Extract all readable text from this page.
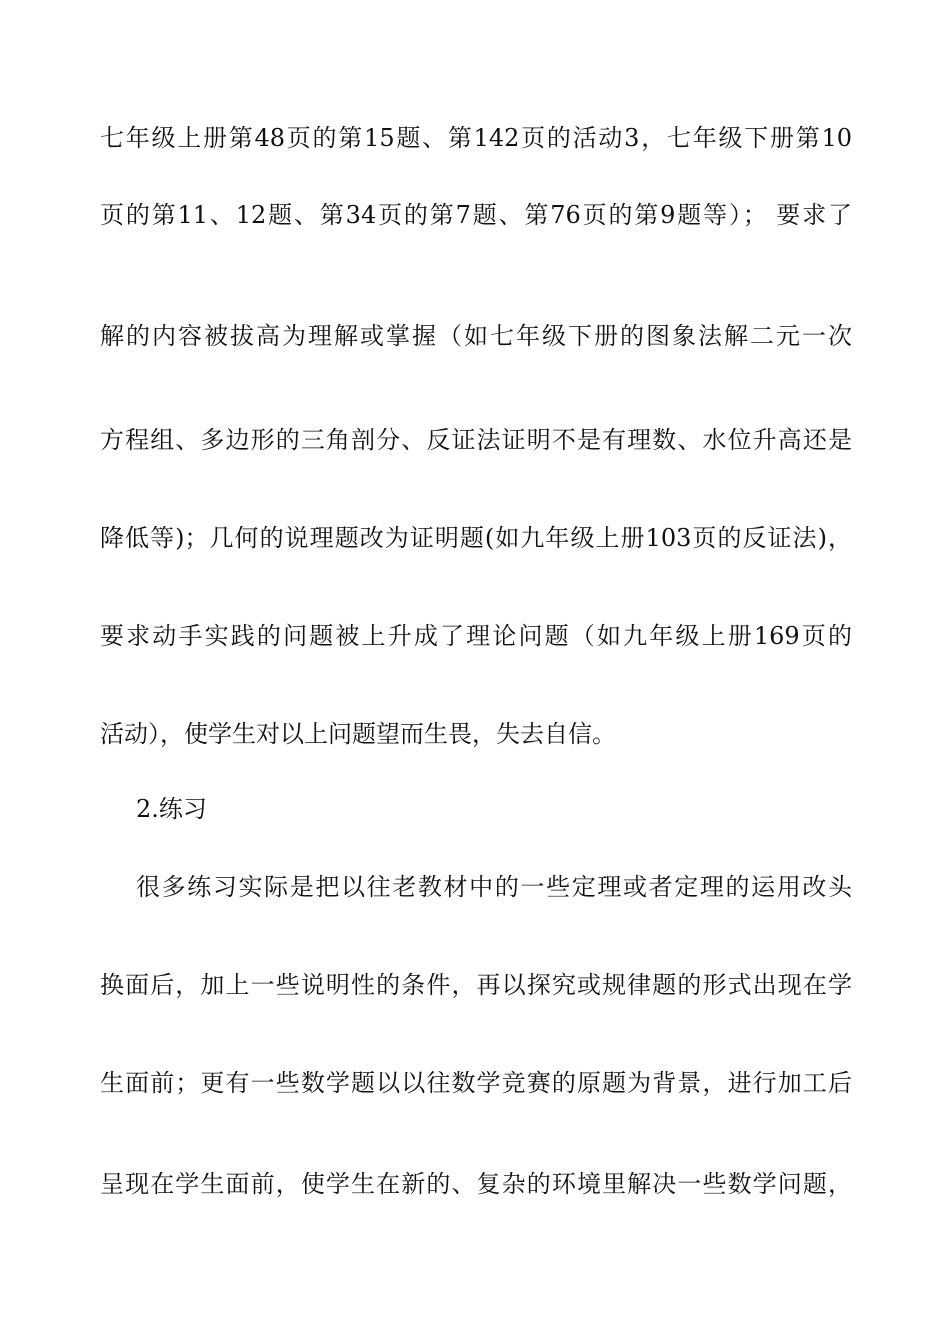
七年级上册第48页的第15题、第142页的活动3，七年级下册第10
页的第11、12题、第34页的第7题、第76页的第9题等）； 要求了
解的内容被拔高为理解或掌握（如七年级下册的图象法解二元一次
方程组、多边形的三角剖分、反证法证明不是有理数、水位升高还是
降低等)；几何的说理题改为证明题(如九年级上册103页的反证法)，
要求动手实践的问题被上升成了理论问题（如九年级上册169页的
活动），使学生对以上问题望而生畏，失去自信。
2.练习
很多练习实际是把以往老教材中的一些定理或者定理的运用改头
换面后，加上一些说明性的条件，再以探究或规律题的形式出现在学
生面前；更有一些数学题以以往数学竞赛的原题为背景，进行加工后
呈现在学生面前，使学生在新的、复杂的环境里解决一些数学问题，
